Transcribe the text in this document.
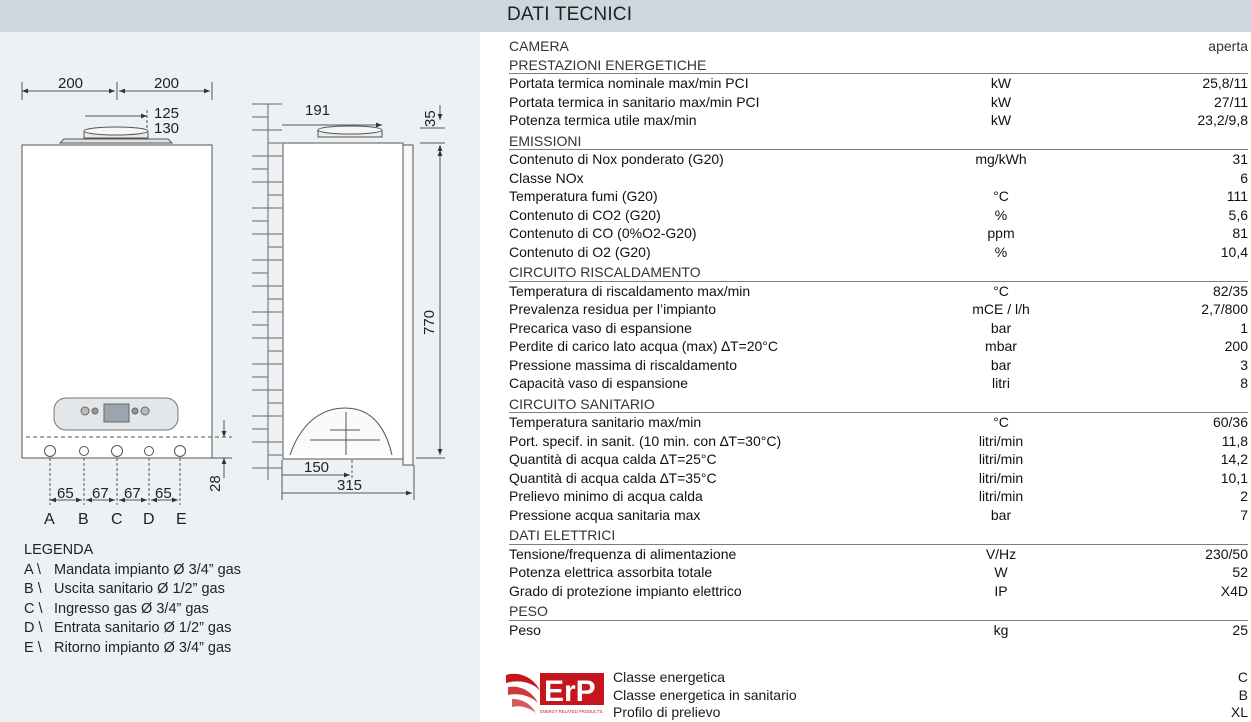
DATI TECNICI
200	200
125
130
65 67 67 65
28
191	35
770
150
315
A B C D E
LEGENDA
A \ Mandata impianto Ø 3/4” gas
B \ Uscita sanitario Ø 1/2” gas
C \ Ingresso gas Ø 3/4” gas
D \ Entrata sanitario Ø 1/2” gas
E \ Ritorno impianto Ø 3/4” gas
CAMERA	aperta
PRESTAZIONI ENERGETICHE
Portata termica nominale max/min PCI	kW	25,8/11
Portata termica in sanitario max/min PCI	kW	27/11
Potenza termica utile max/min	kW	23,2/9,8
EMISSIONI
Contenuto di Nox ponderato (G20)	mg/kWh	31
Classe NOx	6
Temperatura fumi (G20)	°C	111
Contenuto di CO2 (G20)	%	5,6
Contenuto di CO (0%O2-G20)	ppm	81
Contenuto di O2 (G20)	%	10,4
CIRCUITO RISCALDAMENTO
Temperatura di riscaldamento max/min	°C	82/35
Prevalenza residua per l’impianto	mCE / l/h	2,7/800
Precarica vaso di espansione	bar	1
Perdite di carico lato acqua (max) ∆T=20°C	mbar	200
Pressione massima di riscaldamento	bar	3
Capacità vaso di espansione	litri	8
CIRCUITO SANITARIO
Temperatura sanitario max/min	°C	60/36
Port. specif. in sanit. (10 min. con ∆T=30°C)	litri/min	11,8
Quantità di acqua calda ∆T=25°C	litri/min	14,2
Quantità di acqua calda ∆T=35°C	litri/min	10,1
Prelievo minimo di acqua calda	litri/min	2
Pressione acqua sanitaria max	bar	7
DATI ELETTRICI
Tensione/frequenza di alimentazione	V/Hz	230/50
Potenza elettrica assorbita totale	W	52
Grado di protezione impianto elettrico	IP	X4D
PESO
Peso	kg	25
ErP
ENERGY RELATED PRODUCTS
Classe energetica	C
Classe energetica in sanitario	B
Profilo di prelievo	XL
